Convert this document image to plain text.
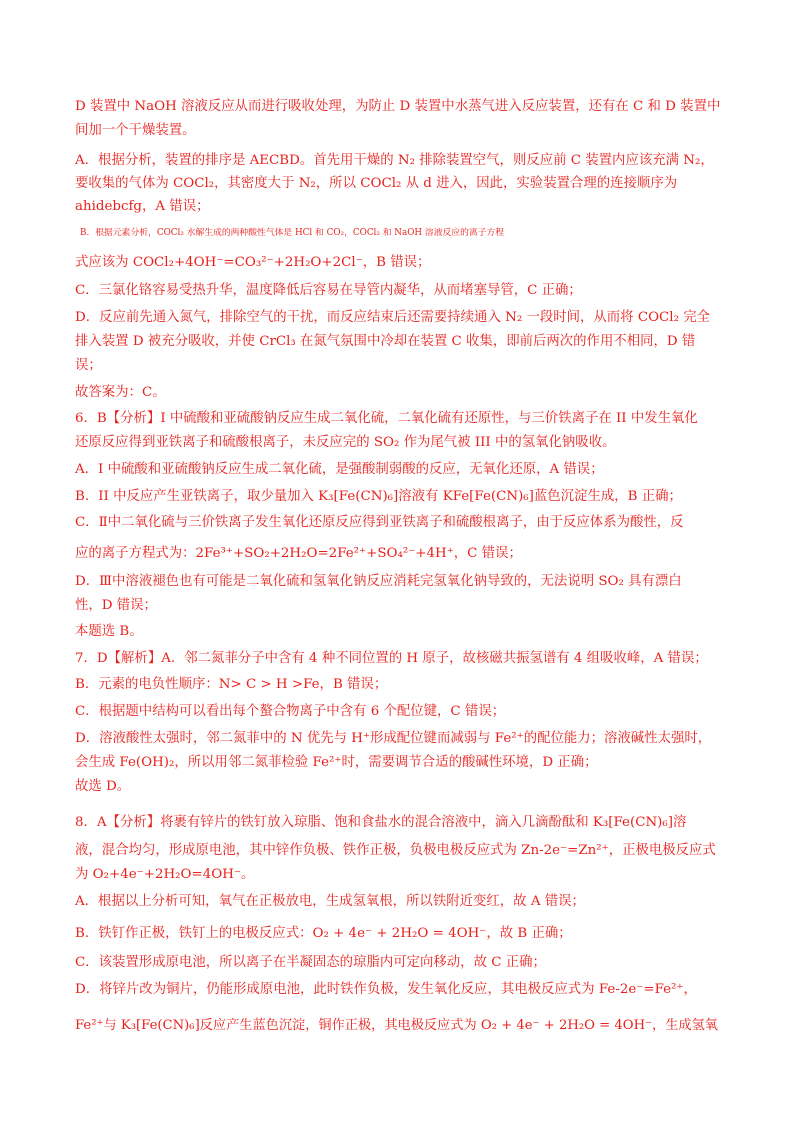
D 装置中 NaOH 溶液反应从而进行吸收处理，为防止 D 装置中水蒸气进入反应装置，还有在 C 和 D 装置中
间加一个干燥装置。
A．根据分析，装置的排序是 AECBD。首先用干燥的 N₂ 排除装置空气，则反应前 C 装置内应该充满 N₂，
要收集的气体为 COCl₂，其密度大于 N₂，所以 COCl₂ 从 d 进入，因此，实验装置合理的连接顺序为
ahidebcfg，A 错误；
B．根据元素分析，COCl₂ 水解生成的两种酸性气体是 HCl 和 CO₂，COCl₂ 和 NaOH 溶液反应的离子方程
式应该为 COCl₂+4OH⁻=CO₃²⁻+2H₂O+2Cl⁻，B 错误；
C．三氯化铬容易受热升华，温度降低后容易在导管内凝华，从而堵塞导管，C 正确；
D．反应前先通入氮气，排除空气的干扰，而反应结束后还需要持续通入 N₂ 一段时间，从而将 COCl₂ 完全
排入装置 D 被充分吸收，并使 CrCl₃ 在氮气氛围中冷却在装置 C 收集，即前后两次的作用不相同，D 错
误；
故答案为：C。
6．B【分析】I 中硫酸和亚硫酸钠反应生成二氧化硫，二氧化硫有还原性，与三价铁离子在 II 中发生氧化
还原反应得到亚铁离子和硫酸根离子，未反应完的 SO₂ 作为尾气被 III 中的氢氧化钠吸收。
A．I 中硫酸和亚硫酸钠反应生成二氧化硫，是强酸制弱酸的反应，无氧化还原，A 错误；
B．II 中反应产生亚铁离子，取少量加入 K₃[Fe(CN)₆]溶液有 KFe[Fe(CN)₆]蓝色沉淀生成，B 正确；
C．Ⅱ中二氧化硫与三价铁离子发生氧化还原反应得到亚铁离子和硫酸根离子，由于反应体系为酸性，反
应的离子方程式为：2Fe³⁺+SO₂+2H₂O=2Fe²⁺+SO₄²⁻+4H⁺，C 错误；
D．Ⅲ中溶液褪色也有可能是二氧化硫和氢氧化钠反应消耗完氢氧化钠导致的，无法说明 SO₂ 具有漂白
性，D 错误；
本题选 B。
7．D【解析】A．邻二氮菲分子中含有 4 种不同位置的 H 原子，故核磁共振氢谱有 4 组吸收峰，A 错误；
B．元素的电负性顺序：N> C > H >Fe，B 错误；
C．根据题中结构可以看出每个螯合物离子中含有 6 个配位键，C 错误；
D．溶液酸性太强时，邻二氮菲中的 N 优先与 H⁺形成配位键而减弱与 Fe²⁺的配位能力；溶液碱性太强时，
会生成 Fe(OH)₂，所以用邻二氮菲检验 Fe²⁺时，需要调节合适的酸碱性环境，D 正确；
故选 D。
8．A【分析】将裹有锌片的铁钉放入琼脂、饱和食盐水的混合溶液中，滴入几滴酚酞和 K₃[Fe(CN)₆]溶
液，混合均匀，形成原电池，其中锌作负极、铁作正极，负极电极反应式为 Zn-2e⁻=Zn²⁺，正极电极反应式
为 O₂+4e⁻+2H₂O=4OH⁻。
A．根据以上分析可知，氧气在正极放电，生成氢氧根，所以铁附近变红，故 A 错误；
B．铁钉作正极，铁钉上的电极反应式：O₂ + 4e⁻ + 2H₂O = 4OH⁻，故 B 正确；
C．该装置形成原电池，所以离子在半凝固态的琼脂内可定向移动，故 C 正确；
D．将锌片改为铜片，仍能形成原电池，此时铁作负极，发生氧化反应，其电极反应式为 Fe-2e⁻=Fe²⁺，
Fe²⁺与 K₃[Fe(CN)₆]反应产生蓝色沉淀，铜作正极，其电极反应式为 O₂ + 4e⁻ + 2H₂O = 4OH⁻，生成氢氧
